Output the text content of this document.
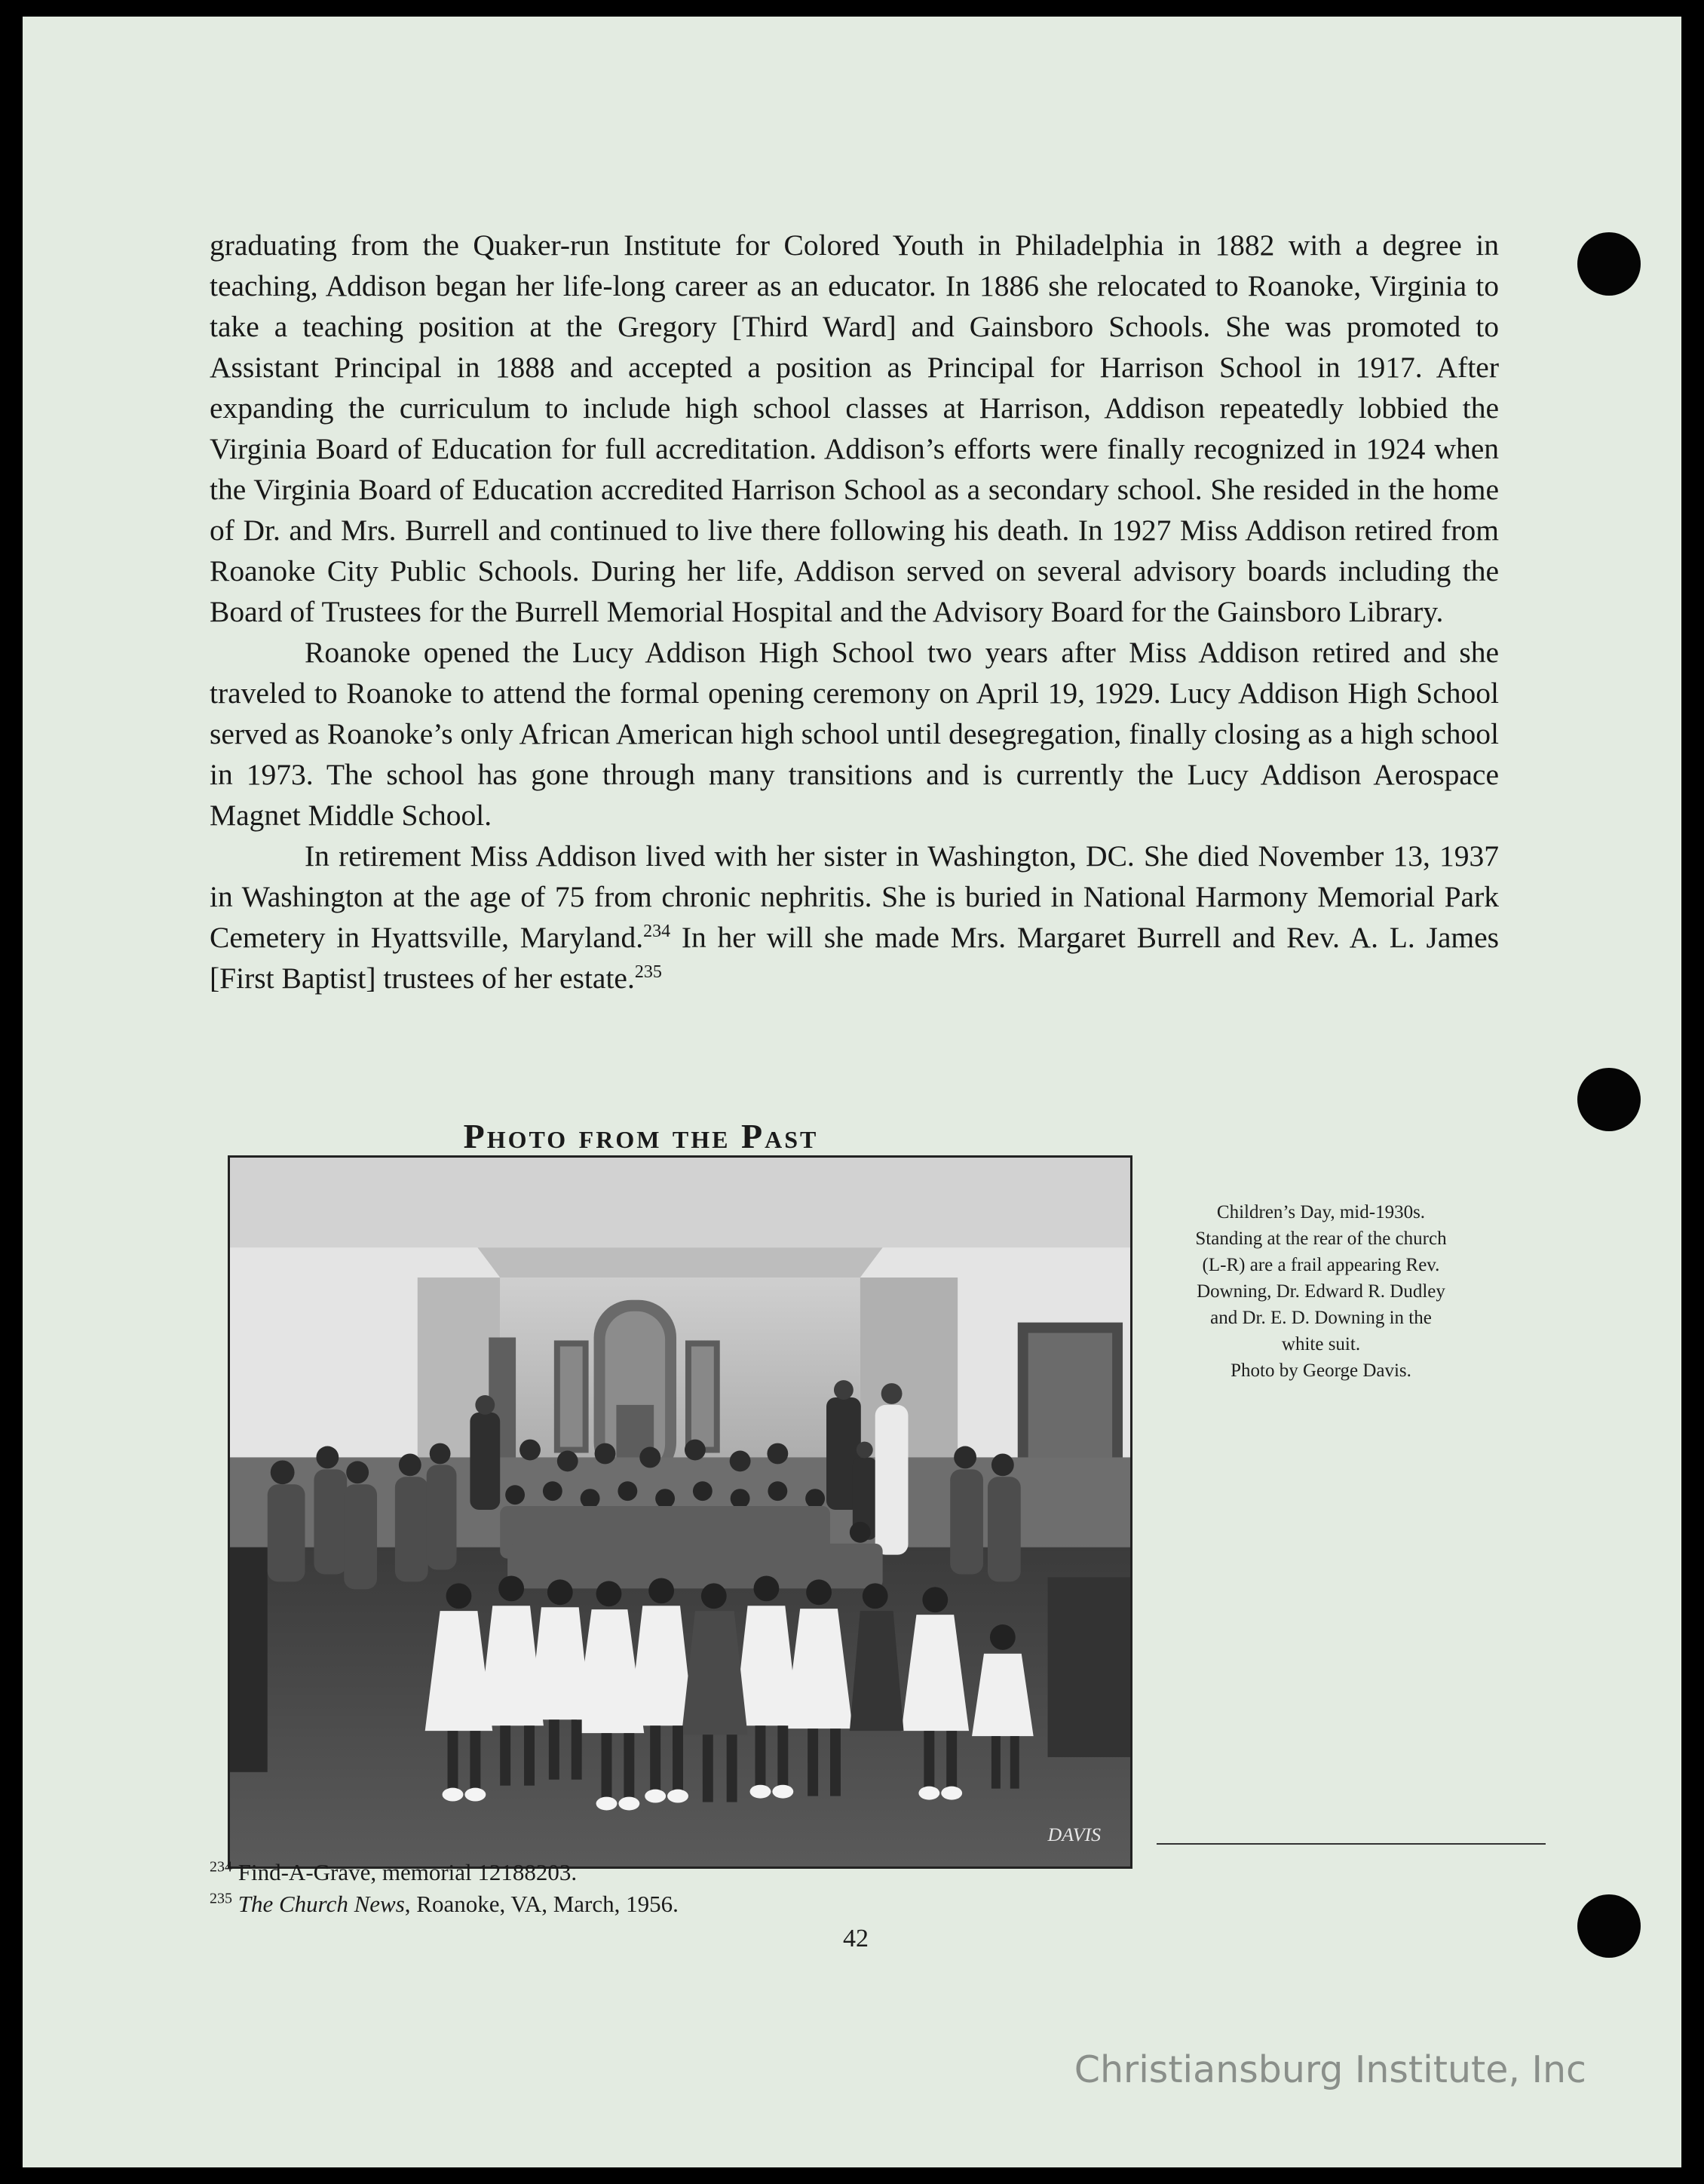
graduating from the Quaker-run Institute for Colored Youth in Philadelphia in 1882 with a degree in teaching, Addison began her life-long career as an educator. In 1886 she relocated to Roanoke, Virginia to take a teaching position at the Gregory [Third Ward] and Gainsboro Schools. She was promoted to Assistant Principal in 1888 and accepted a position as Principal for Harrison School in 1917. After expanding the curriculum to include high school classes at Harrison, Addison repeatedly lobbied the Virginia Board of Education for full accreditation. Addison’s efforts were finally recognized in 1924 when the Virginia Board of Education accredited Harrison School as a secondary school. She resided in the home of Dr. and Mrs. Burrell and continued to live there following his death. In 1927 Miss Addison retired from Roanoke City Public Schools. During her life, Addison served on several advisory boards including the Board of Trustees for the Burrell Memorial Hospital and the Advisory Board for the Gainsboro Library.

Roanoke opened the Lucy Addison High School two years after Miss Addison retired and she traveled to Roanoke to attend the formal opening ceremony on April 19, 1929. Lucy Addison High School served as Roanoke’s only African American high school until desegregation, finally closing as a high school in 1973. The school has gone through many transitions and is currently the Lucy Addison Aerospace Magnet Middle School.

In retirement Miss Addison lived with her sister in Washington, DC. She died November 13, 1937 in Washington at the age of 75 from chronic nephritis. She is buried in National Harmony Memorial Park Cemetery in Hyattsville, Maryland.$^{234}$ In her will she made Mrs. Margaret Burrell and Rev. A. L. James [First Baptist] trustees of her estate.$^{235}$

Photo from the Past
DAVIS
Children’s Day, mid-1930s.
Standing at the rear of the church
(L-R) are a frail appearing Rev.
Downing, Dr. Edward R. Dudley
and Dr. E. D. Downing in the
white suit.
Photo by George Davis.
$^{234}$ Find-A-Grave, memorial 12188203.
$^{235}$ The Church News, Roanoke, VA, March, 1956.
42
Christiansburg Institute, Inc
